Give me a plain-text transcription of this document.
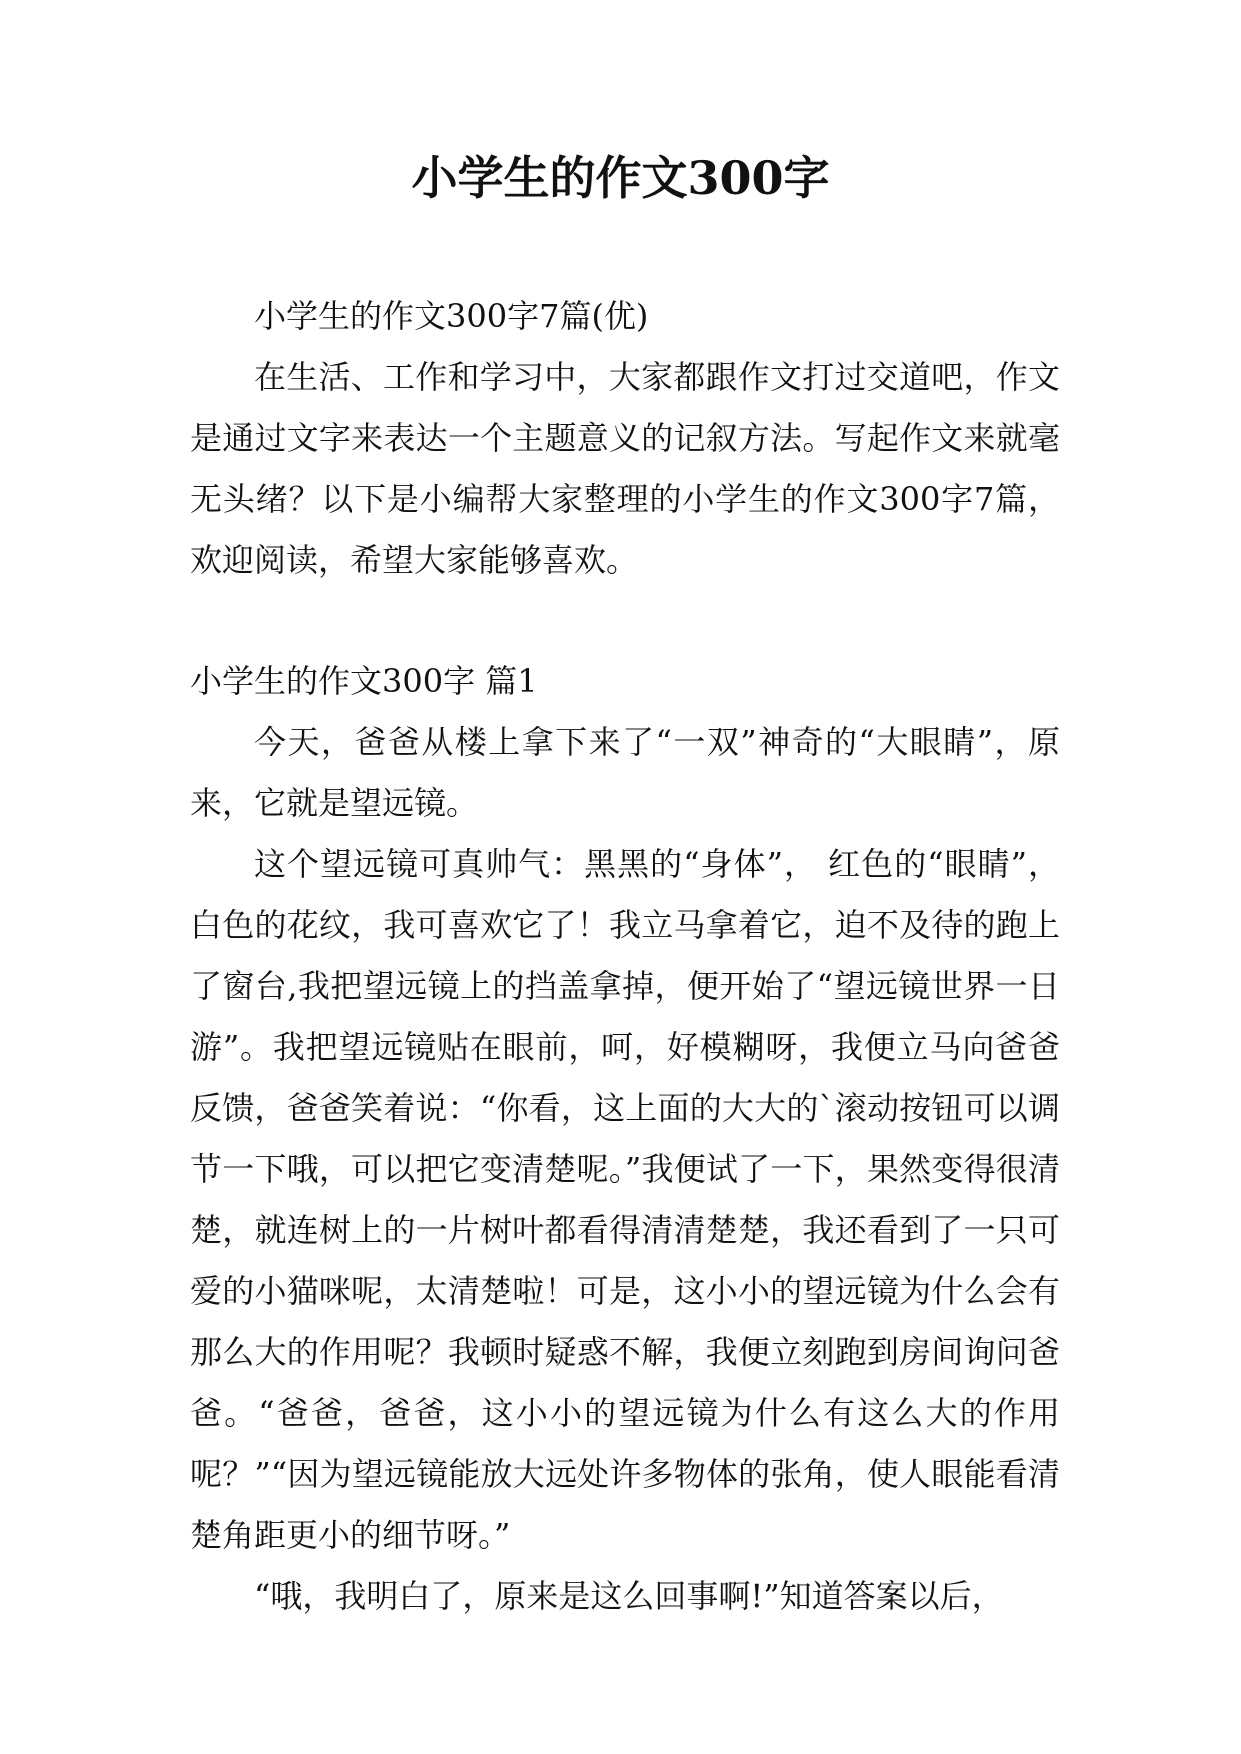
小学生的作文300字

小学生的作文300字7篇(优)

在生活、工作和学习中，大家都跟作文打过交道吧，作文是通过文字来表达一个主题意义的记叙方法。写起作文来就毫无头绪？以下是小编帮大家整理的小学生的作文300字7篇，欢迎阅读，希望大家能够喜欢。

小学生的作文300字 篇1

今天，爸爸从楼上拿下来了“一双”神奇的“大眼睛”，原来，它就是望远镜。

这个望远镜可真帅气：黑黑的“身体”， 红色的“眼睛”，白色的花纹，我可喜欢它了！我立马拿着它，迫不及待的跑上了窗台,我把望远镜上的挡盖拿掉，便开始了“望远镜世界一日游”。我把望远镜贴在眼前，呵，好模糊呀，我便立马向爸爸反馈，爸爸笑着说：“你看，这上面的大大的`滚动按钮可以调节一下哦，可以把它变清楚呢。”我便试了一下，果然变得很清楚，就连树上的一片树叶都看得清清楚楚，我还看到了一只可爱的小猫咪呢，太清楚啦！可是，这小小的望远镜为什么会有那么大的作用呢？我顿时疑惑不解，我便立刻跑到房间询问爸爸。“爸爸，爸爸，这小小的望远镜为什么有这么大的作用呢？”“因为望远镜能放大远处许多物体的张角，使人眼能看清楚角距更小的细节呀。”

“哦，我明白了，原来是这么回事啊!”知道答案以后，
